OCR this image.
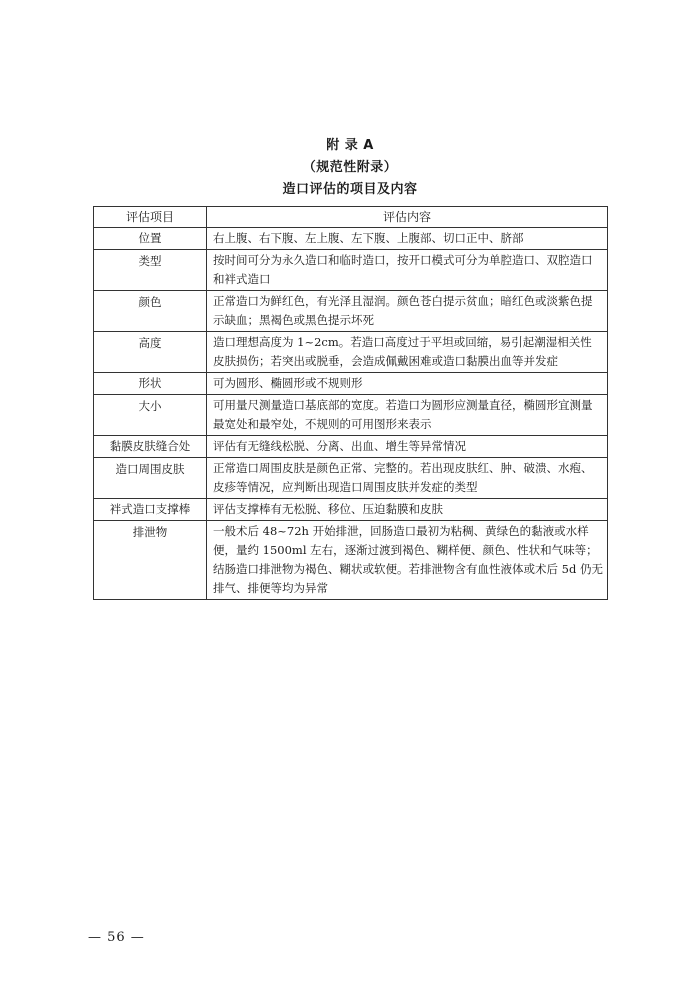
附 录 A
（规范性附录）
造口评估的项目及内容
评估项目	评估内容
位置	右上腹、右下腹、左上腹、左下腹、上腹部、切口正中、脐部
类型	按时间可分为永久造口和临时造口，按开口模式可分为单腔造口、双腔造口和袢式造口
颜色	正常造口为鲜红色，有光泽且湿润。颜色苍白提示贫血；暗红色或淡紫色提示缺血；黑褐色或黑色提示坏死
高度	造口理想高度为 1~2cm。若造口高度过于平坦或回缩，易引起潮湿相关性皮肤损伤；若突出或脱垂，会造成佩戴困难或造口黏膜出血等并发症
形状	可为圆形、椭圆形或不规则形
大小	可用量尺测量造口基底部的宽度。若造口为圆形应测量直径，椭圆形宜测量最宽处和最窄处，不规则的可用图形来表示
黏膜皮肤缝合处	评估有无缝线松脱、分离、出血、增生等异常情况
造口周围皮肤	正常造口周围皮肤是颜色正常、完整的。若出现皮肤红、肿、破溃、水疱、皮疹等情况，应判断出现造口周围皮肤并发症的类型
袢式造口支撑棒	评估支撑棒有无松脱、移位、压迫黏膜和皮肤
排泄物	一般术后 48~72h 开始排泄，回肠造口最初为粘稠、黄绿色的黏液或水样便，量约 1500ml 左右，逐渐过渡到褐色、糊样便、颜色、性状和气味等；结肠造口排泄物为褐色、糊状或软便。若排泄物含有血性液体或术后 5d 仍无排气、排便等均为异常
— 56 —
